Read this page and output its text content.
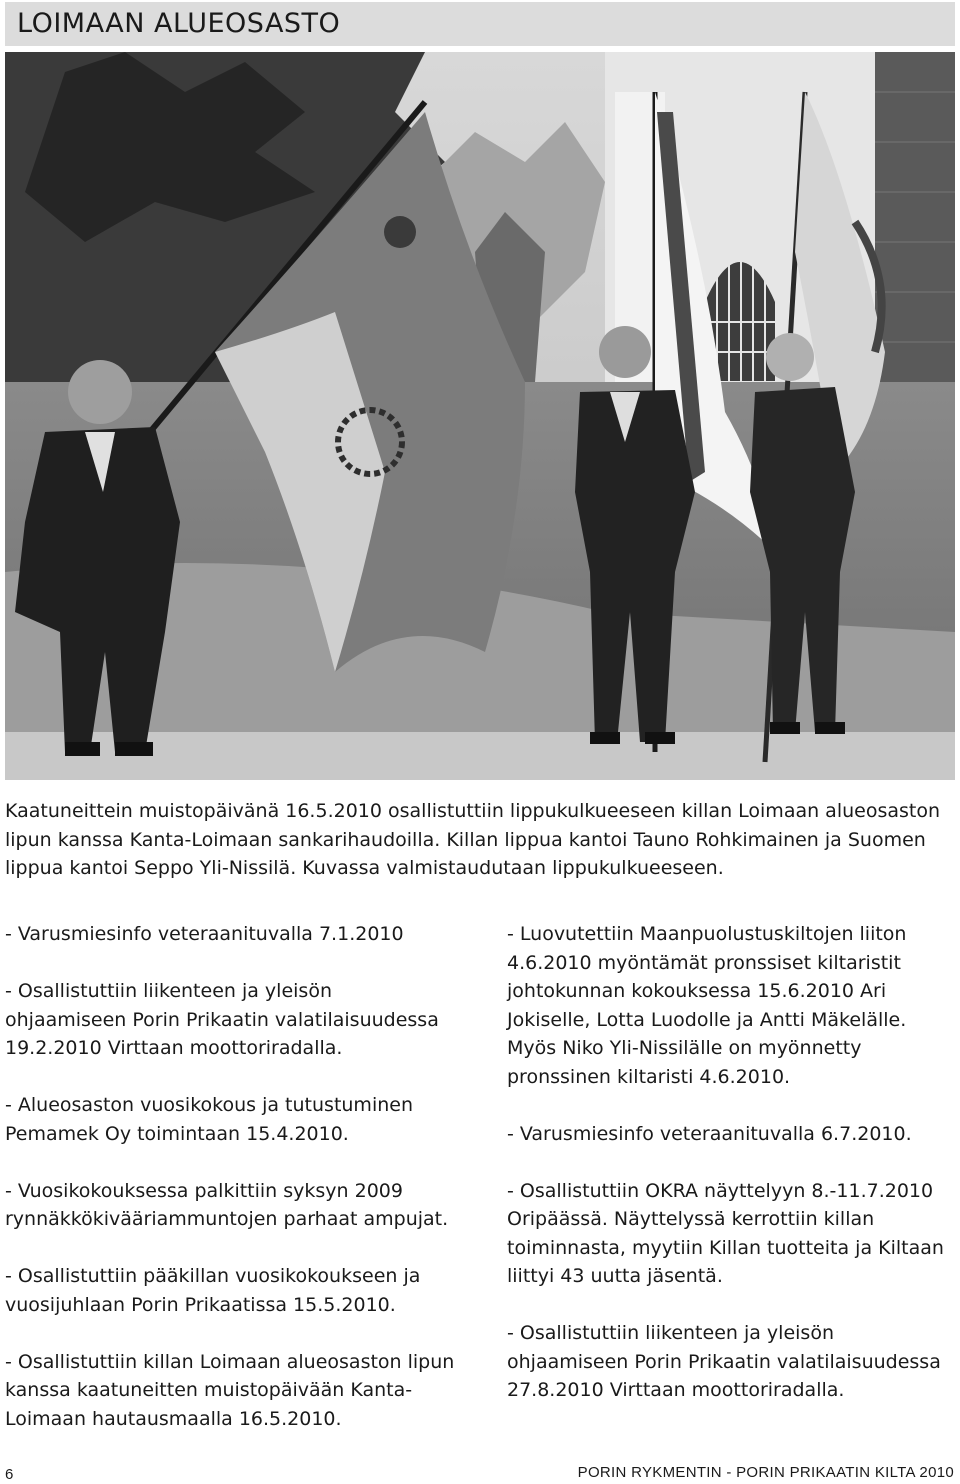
LOIMAAN ALUEOSASTO

Kaatuneittein muistopäivänä 16.5.2010 osallistuttiin lippukulkueeseen killan Loimaan alueosaston lipun kanssa Kanta-Loimaan sankarihaudoilla. Killan lippua kantoi Tauno Rohkimainen ja Suomen lippua kantoi Seppo Yli-Nissilä. Kuvassa valmistaudutaan lippukulkueeseen.

- Varusmiesinfo veteraanituvalla 7.1.2010

- Osallistuttiin liikenteen ja yleisön ohjaamiseen Porin Prikaatin valatilaisuudessa 19.2.2010 Virttaan moottoriradalla.

- Alueosaston vuosikokous ja tutustuminen Pemamek Oy toimintaan 15.4.2010.

- Vuosikokouksessa palkittiin syksyn 2009 rynnäkkökivääriammuntojen parhaat ampujat.

- Osallistuttiin pääkillan vuosikokoukseen ja vuosijuhlaan Porin Prikaatissa 15.5.2010.

- Osallistuttiin killan Loimaan alueosaston lipun kanssa kaatuneitten muistopäivään Kanta-Loimaan hautausmaalla 16.5.2010.

- Luovutettiin Maanpuolustuskiltojen liiton 4.6.2010 myöntämät pronssiset kiltaristit johtokunnan kokouksessa 15.6.2010 Ari Jokiselle, Lotta Luodolle ja Antti Mäkelälle. Myös Niko Yli-Nissilälle on myönnetty pronssinen kiltaristi 4.6.2010.

- Varusmiesinfo veteraanituvalla 6.7.2010.

- Osallistuttiin OKRA näyttelyyn 8.-11.7.2010 Oripäässä. Näyttelyssä kerrottiin killan toiminnasta, myytiin Killan tuotteita ja Kiltaan liittyi 43 uutta jäsentä.

- Osallistuttiin liikenteen ja yleisön ohjaamiseen Porin Prikaatin valatilaisuudessa 27.8.2010 Virttaan moottoriradalla.

6	PORIN RYKMENTIN - PORIN PRIKAATIN KILTA 2010
